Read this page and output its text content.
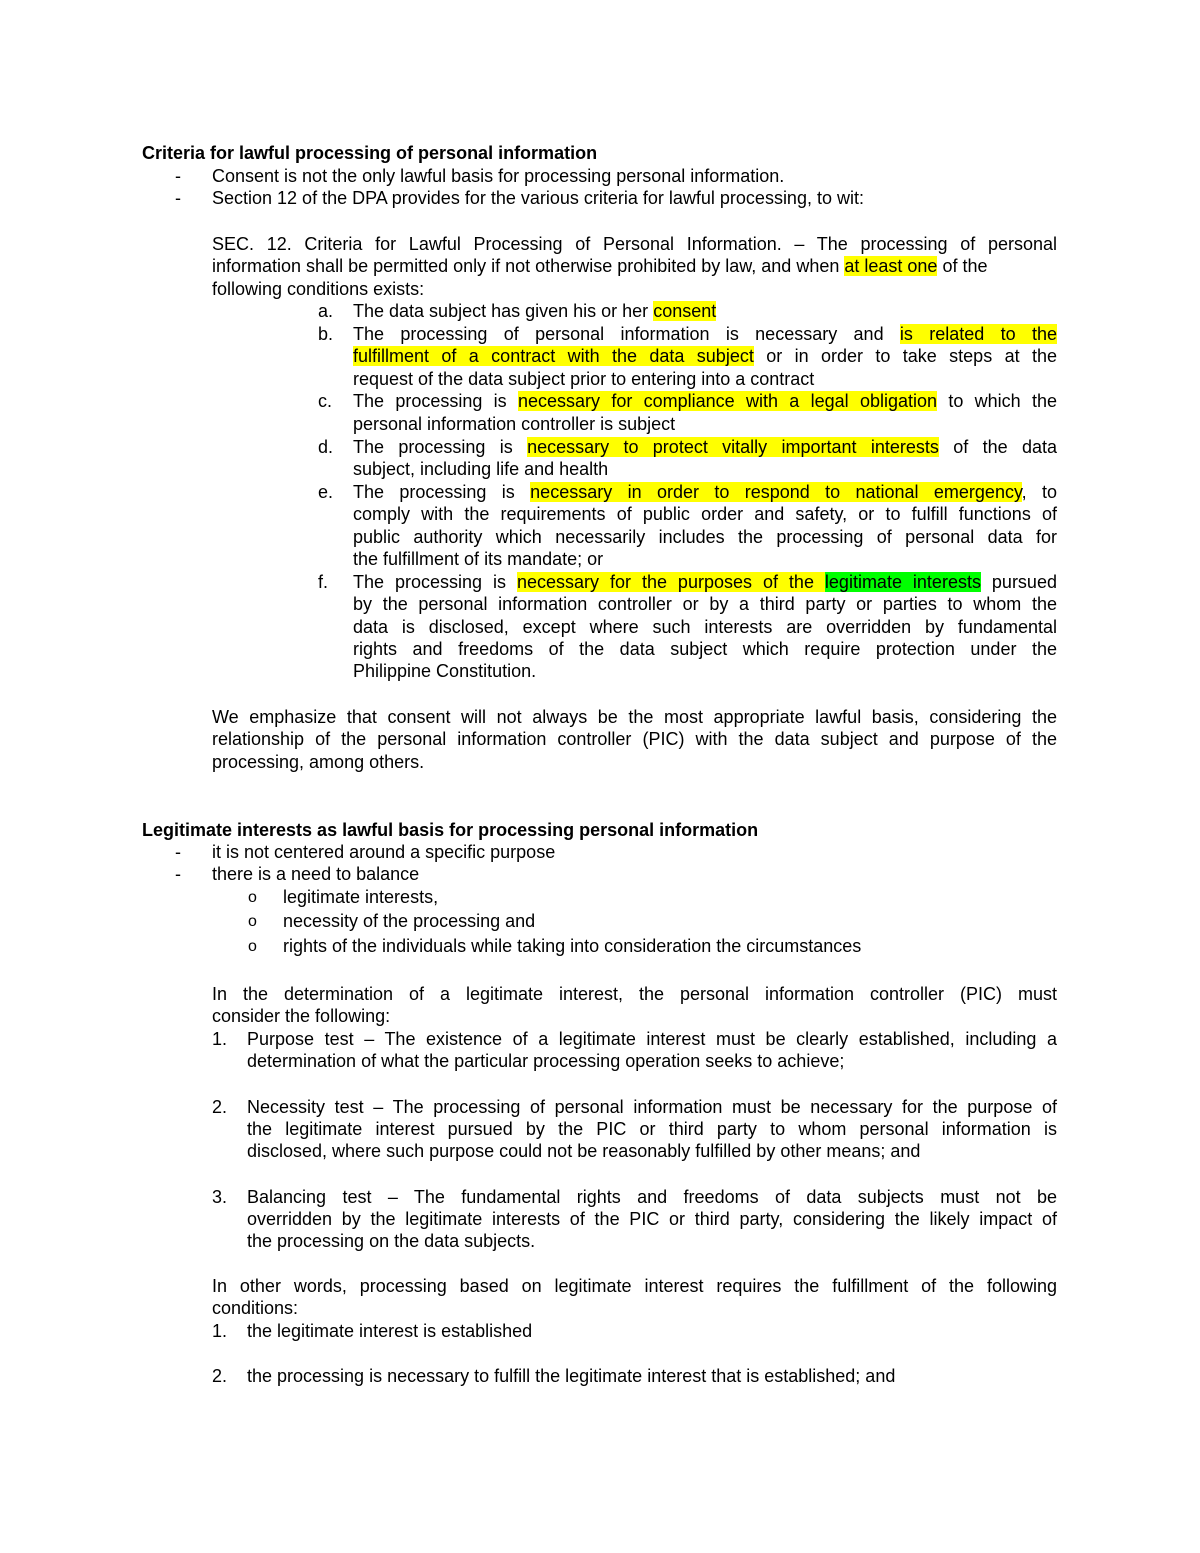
Criteria for lawful processing of personal information
- Consent is not the only lawful basis for processing personal information.
- Section 12 of the DPA provides for the various criteria for lawful processing, to wit:
SEC. 12. Criteria for Lawful Processing of Personal Information. – The processing of personal
information shall be permitted only if not otherwise prohibited by law, and when at least one of the
following conditions exists:
a. The data subject has given his or her consent
b. The processing of personal information is necessary and is related to the
fulfillment of a contract with the data subject or in order to take steps at the
request of the data subject prior to entering into a contract
c. The processing is necessary for compliance with a legal obligation to which the
personal information controller is subject
d. The processing is necessary to protect vitally important interests of the data
subject, including life and health
e. The processing is necessary in order to respond to national emergency, to
comply with the requirements of public order and safety, or to fulfill functions of
public authority which necessarily includes the processing of personal data for
the fulfillment of its mandate; or
f. The processing is necessary for the purposes of the legitimate interests pursued
by the personal information controller or by a third party or parties to whom the
data is disclosed, except where such interests are overridden by fundamental
rights and freedoms of the data subject which require protection under the
Philippine Constitution.
We emphasize that consent will not always be the most appropriate lawful basis, considering the
relationship of the personal information controller (PIC) with the data subject and purpose of the
processing, among others.
Legitimate interests as lawful basis for processing personal information
- it is not centered around a specific purpose
- there is a need to balance
o legitimate interests,
o necessity of the processing and
o rights of the individuals while taking into consideration the circumstances
In the determination of a legitimate interest, the personal information controller (PIC) must
consider the following:
1. Purpose test – The existence of a legitimate interest must be clearly established, including a
determination of what the particular processing operation seeks to achieve;
2. Necessity test – The processing of personal information must be necessary for the purpose of
the legitimate interest pursued by the PIC or third party to whom personal information is
disclosed, where such purpose could not be reasonably fulfilled by other means; and
3. Balancing test – The fundamental rights and freedoms of data subjects must not be
overridden by the legitimate interests of the PIC or third party, considering the likely impact of
the processing on the data subjects.
In other words, processing based on legitimate interest requires the fulfillment of the following
conditions:
1. the legitimate interest is established
2. the processing is necessary to fulfill the legitimate interest that is established; and
